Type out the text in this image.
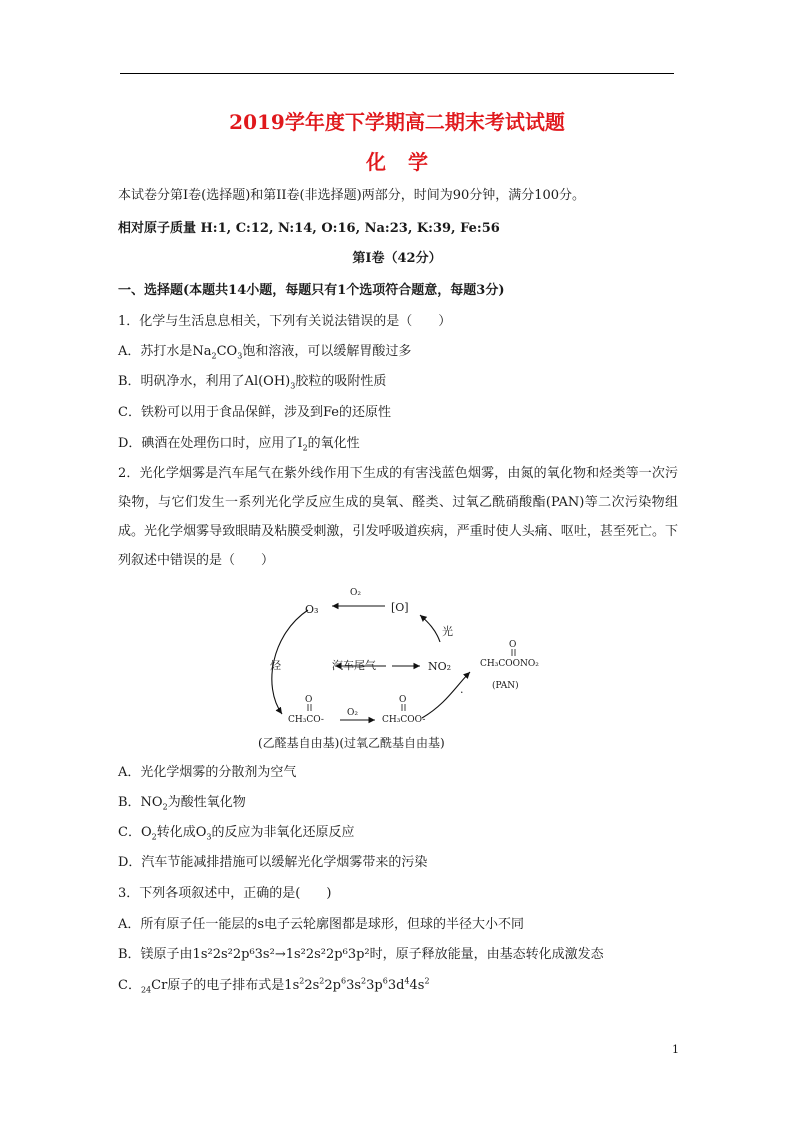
2019学年度下学期高二期末考试试题
化学
本试卷分第Ⅰ卷(选择题)和第II卷(非选择题)两部分，时间为90分钟，满分100分。
相对原子质量 H:1, C:12, N:14, O:16, Na:23, K:39, Fe:56
第Ⅰ卷（42分）
一、选择题(本题共14小题，每题只有1个选项符合题意，每题3分)
1．化学与生活息息相关，下列有关说法错误的是（　　）
A．苏打水是$Na_2CO_3$饱和溶液，可以缓解胃酸过多
B．明矾净水，利用了$Al(OH)_3$胶粒的吸附性质
C．铁粉可以用于食品保鲜，涉及到Fe的还原性
D．碘酒在处理伤口时，应用了$I_2$的氧化性
2．光化学烟雾是汽车尾气在紫外线作用下生成的有害浅蓝色烟雾，由氮的氧化物和烃类等一次污染物，与它们发生一系列光化学反应生成的臭氧、醛类、过氧乙酰硝酸酯(PAN)等二次污染物组成。光化学烟雾导致眼睛及粘膜受刺激，引发呼吸道疾病，严重时使人头痛、呕吐，甚至死亡。下列叙述中错误的是（　　）
O₂
O₃	[O]
光
烃	汽车尾气	NO₂
O
CH₃COONO₂
(PAN)
.
O	O
CH₃CO-
O₂
CH₃COO-
(乙醛基自由基)(过氧乙酰基自由基)
A．光化学烟雾的分散剂为空气
B．$NO_2$为酸性氧化物
C．$O_2$转化成$O_3$的反应为非氧化还原反应
D．汽车节能减排措施可以缓解光化学烟雾带来的污染
3．下列各项叙述中，正确的是(　　)
A．所有原子任一能层的s电子云轮廓图都是球形，但球的半径大小不同
B．镁原子由1s²2s²2p⁶3s²→1s²2s²2p⁶3p²时，原子释放能量，由基态转化成激发态
C．$_{24}$Cr原子的电子排布式是$1s^22s^22p^63s^23p^63d^44s^2$
1
